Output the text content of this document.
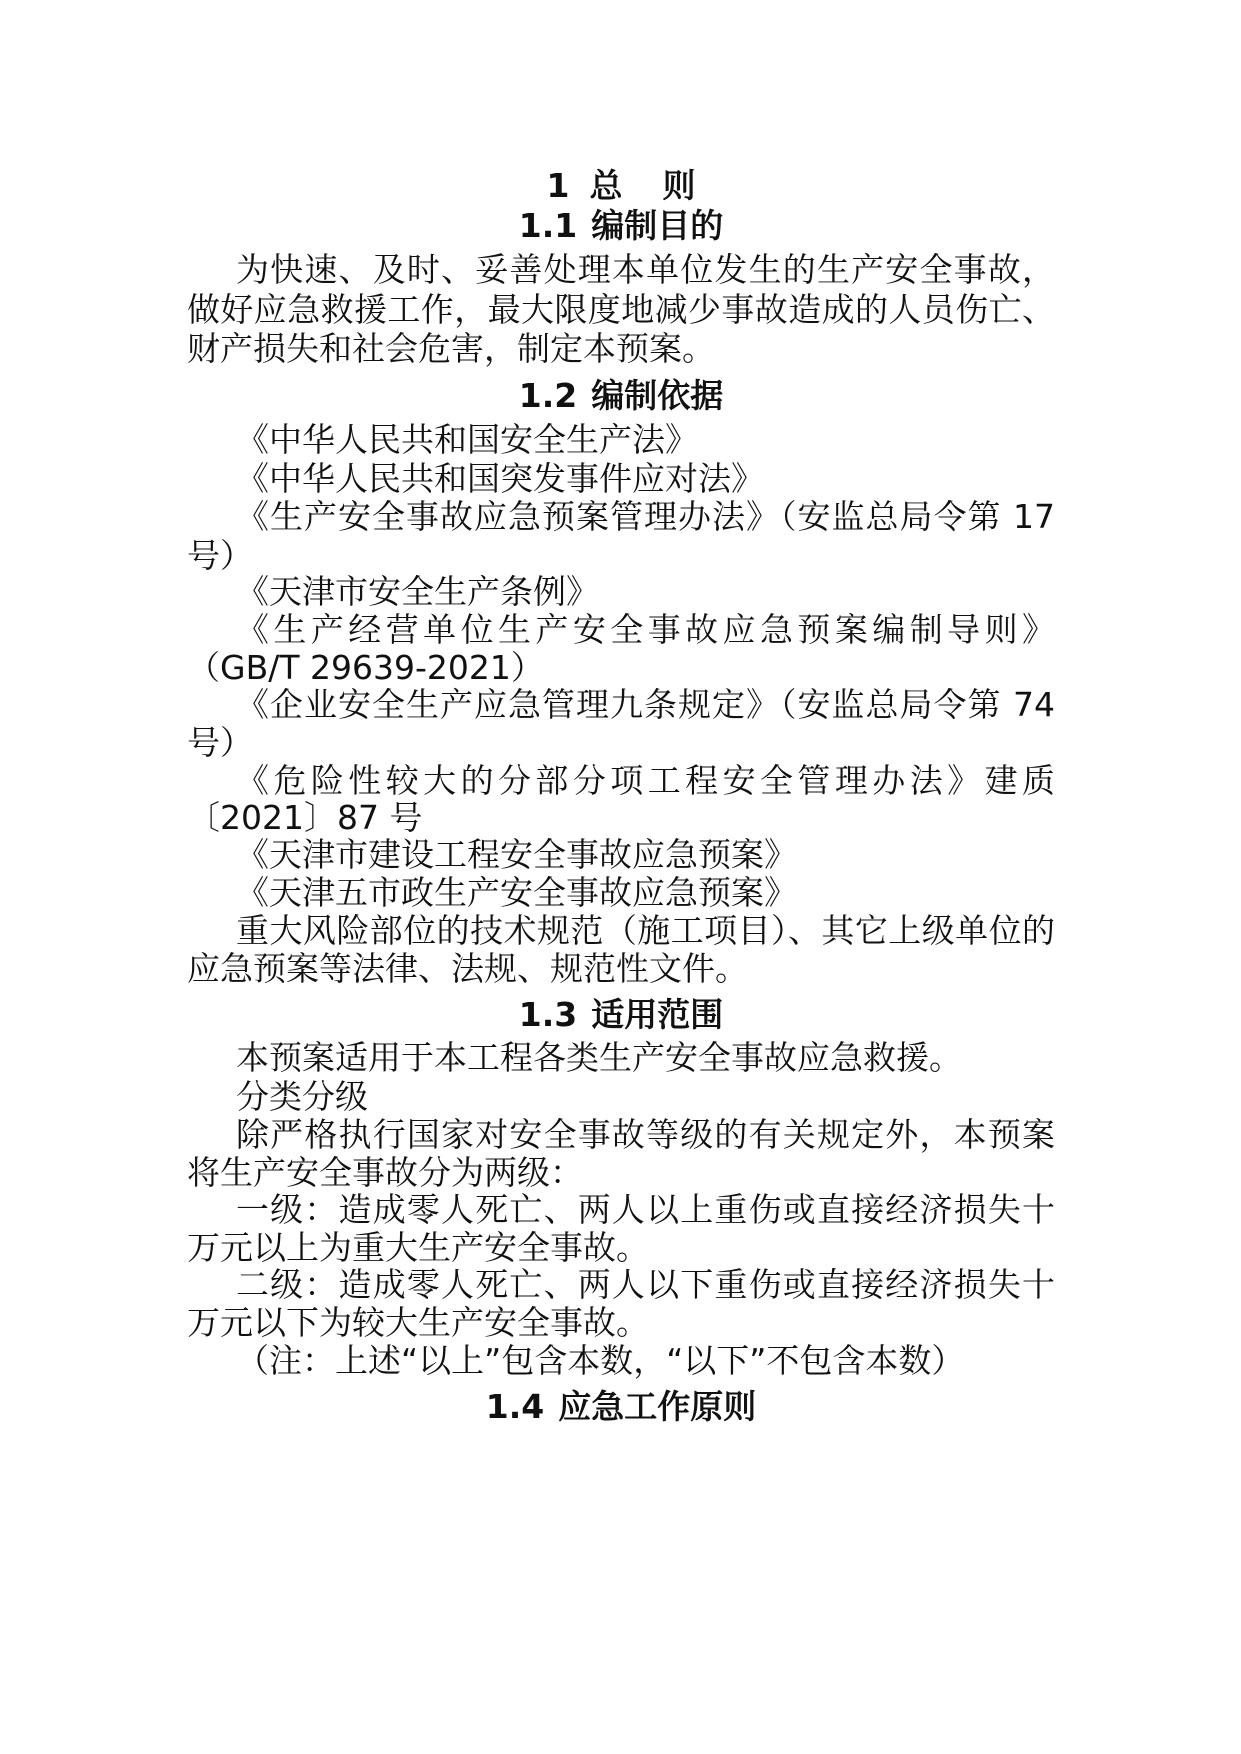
1 总 则
1.1 编制目的
为快速、及时、妥善处理本单位发生的生产安全事故，
做好应急救援工作，最大限度地减少事故造成的人员伤亡、
财产损失和社会危害，制定本预案。
1.2 编制依据
《中华人民共和国安全生产法》
《中华人民共和国突发事件应对法》
《生产安全事故应急预案管理办法》（安监总局令第 17
号）
《天津市安全生产条例》
《生产经营单位生产安全事故应急预案编制导则》
（GB/T 29639-2021）
《企业安全生产应急管理九条规定》（安监总局令第 74
号）
《危险性较大的分部分项工程安全管理办法》建质
〔2021〕87 号
《天津市建设工程安全事故应急预案》
《天津五市政生产安全事故应急预案》
重大风险部位的技术规范（施工项目）、其它上级单位的
应急预案等法律、法规、规范性文件。
1.3 适用范围
本预案适用于本工程各类生产安全事故应急救援。
分类分级
除严格执行国家对安全事故等级的有关规定外，本预案
将生产安全事故分为两级：
一级：造成零人死亡、两人以上重伤或直接经济损失十
万元以上为重大生产安全事故。
二级：造成零人死亡、两人以下重伤或直接经济损失十
万元以下为较大生产安全事故。
（注：上述“以上”包含本数，“以下”不包含本数）
1.4 应急工作原则
